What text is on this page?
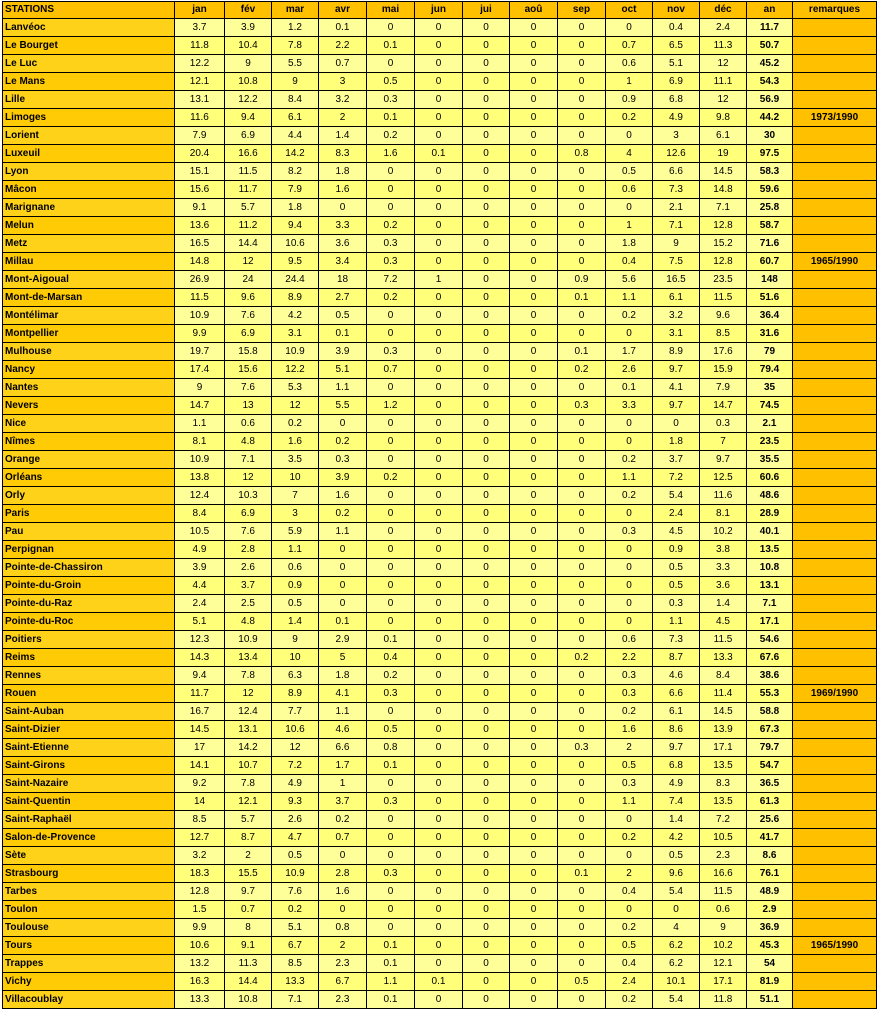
STATIONS	jan	fév	mar	avr	mai	jun	jui	aoû	sep	oct	nov	déc	an	remarques
Lanvéoc	3.7	3.9	1.2	0.1	0	0	0	0	0	0	0.4	2.4	11.7	
Le Bourget	11.8	10.4	7.8	2.2	0.1	0	0	0	0	0.7	6.5	11.3	50.7	
Le Luc	12.2	9	5.5	0.7	0	0	0	0	0	0.6	5.1	12	45.2	
Le Mans	12.1	10.8	9	3	0.5	0	0	0	0	1	6.9	11.1	54.3	
Lille	13.1	12.2	8.4	3.2	0.3	0	0	0	0	0.9	6.8	12	56.9	
Limoges	11.6	9.4	6.1	2	0.1	0	0	0	0	0.2	4.9	9.8	44.2	1973/1990
Lorient	7.9	6.9	4.4	1.4	0.2	0	0	0	0	0	3	6.1	30	
Luxeuil	20.4	16.6	14.2	8.3	1.6	0.1	0	0	0.8	4	12.6	19	97.5	
Lyon	15.1	11.5	8.2	1.8	0	0	0	0	0	0.5	6.6	14.5	58.3	
Mâcon	15.6	11.7	7.9	1.6	0	0	0	0	0	0.6	7.3	14.8	59.6	
Marignane	9.1	5.7	1.8	0	0	0	0	0	0	0	2.1	7.1	25.8	
Melun	13.6	11.2	9.4	3.3	0.2	0	0	0	0	1	7.1	12.8	58.7	
Metz	16.5	14.4	10.6	3.6	0.3	0	0	0	0	1.8	9	15.2	71.6	
Millau	14.8	12	9.5	3.4	0.3	0	0	0	0	0.4	7.5	12.8	60.7	1965/1990
Mont-Aigoual	26.9	24	24.4	18	7.2	1	0	0	0.9	5.6	16.5	23.5	148	
Mont-de-Marsan	11.5	9.6	8.9	2.7	0.2	0	0	0	0.1	1.1	6.1	11.5	51.6	
Montélimar	10.9	7.6	4.2	0.5	0	0	0	0	0	0.2	3.2	9.6	36.4	
Montpellier	9.9	6.9	3.1	0.1	0	0	0	0	0	0	3.1	8.5	31.6	
Mulhouse	19.7	15.8	10.9	3.9	0.3	0	0	0	0.1	1.7	8.9	17.6	79	
Nancy	17.4	15.6	12.2	5.1	0.7	0	0	0	0.2	2.6	9.7	15.9	79.4	
Nantes	9	7.6	5.3	1.1	0	0	0	0	0	0.1	4.1	7.9	35	
Nevers	14.7	13	12	5.5	1.2	0	0	0	0.3	3.3	9.7	14.7	74.5	
Nice	1.1	0.6	0.2	0	0	0	0	0	0	0	0	0.3	2.1	
Nîmes	8.1	4.8	1.6	0.2	0	0	0	0	0	0	1.8	7	23.5	
Orange	10.9	7.1	3.5	0.3	0	0	0	0	0	0.2	3.7	9.7	35.5	
Orléans	13.8	12	10	3.9	0.2	0	0	0	0	1.1	7.2	12.5	60.6	
Orly	12.4	10.3	7	1.6	0	0	0	0	0	0.2	5.4	11.6	48.6	
Paris	8.4	6.9	3	0.2	0	0	0	0	0	0	2.4	8.1	28.9	
Pau	10.5	7.6	5.9	1.1	0	0	0	0	0	0.3	4.5	10.2	40.1	
Perpignan	4.9	2.8	1.1	0	0	0	0	0	0	0	0.9	3.8	13.5	
Pointe-de-Chassiron	3.9	2.6	0.6	0	0	0	0	0	0	0	0.5	3.3	10.8	
Pointe-du-Groin	4.4	3.7	0.9	0	0	0	0	0	0	0	0.5	3.6	13.1	
Pointe-du-Raz	2.4	2.5	0.5	0	0	0	0	0	0	0	0.3	1.4	7.1	
Pointe-du-Roc	5.1	4.8	1.4	0.1	0	0	0	0	0	0	1.1	4.5	17.1	
Poitiers	12.3	10.9	9	2.9	0.1	0	0	0	0	0.6	7.3	11.5	54.6	
Reims	14.3	13.4	10	5	0.4	0	0	0	0.2	2.2	8.7	13.3	67.6	
Rennes	9.4	7.8	6.3	1.8	0.2	0	0	0	0	0.3	4.6	8.4	38.6	
Rouen	11.7	12	8.9	4.1	0.3	0	0	0	0	0.3	6.6	11.4	55.3	1969/1990
Saint-Auban	16.7	12.4	7.7	1.1	0	0	0	0	0	0.2	6.1	14.5	58.8	
Saint-Dizier	14.5	13.1	10.6	4.6	0.5	0	0	0	0	1.6	8.6	13.9	67.3	
Saint-Etienne	17	14.2	12	6.6	0.8	0	0	0	0.3	2	9.7	17.1	79.7	
Saint-Girons	14.1	10.7	7.2	1.7	0.1	0	0	0	0	0.5	6.8	13.5	54.7	
Saint-Nazaire	9.2	7.8	4.9	1	0	0	0	0	0	0.3	4.9	8.3	36.5	
Saint-Quentin	14	12.1	9.3	3.7	0.3	0	0	0	0	1.1	7.4	13.5	61.3	
Saint-Raphaël	8.5	5.7	2.6	0.2	0	0	0	0	0	0	1.4	7.2	25.6	
Salon-de-Provence	12.7	8.7	4.7	0.7	0	0	0	0	0	0.2	4.2	10.5	41.7	
Sète	3.2	2	0.5	0	0	0	0	0	0	0	0.5	2.3	8.6	
Strasbourg	18.3	15.5	10.9	2.8	0.3	0	0	0	0.1	2	9.6	16.6	76.1	
Tarbes	12.8	9.7	7.6	1.6	0	0	0	0	0	0.4	5.4	11.5	48.9	
Toulon	1.5	0.7	0.2	0	0	0	0	0	0	0	0	0.6	2.9	
Toulouse	9.9	8	5.1	0.8	0	0	0	0	0	0.2	4	9	36.9	
Tours	10.6	9.1	6.7	2	0.1	0	0	0	0	0.5	6.2	10.2	45.3	1965/1990
Trappes	13.2	11.3	8.5	2.3	0.1	0	0	0	0	0.4	6.2	12.1	54	
Vichy	16.3	14.4	13.3	6.7	1.1	0.1	0	0	0.5	2.4	10.1	17.1	81.9	
Villacoublay	13.3	10.8	7.1	2.3	0.1	0	0	0	0	0.2	5.4	11.8	51.1	
